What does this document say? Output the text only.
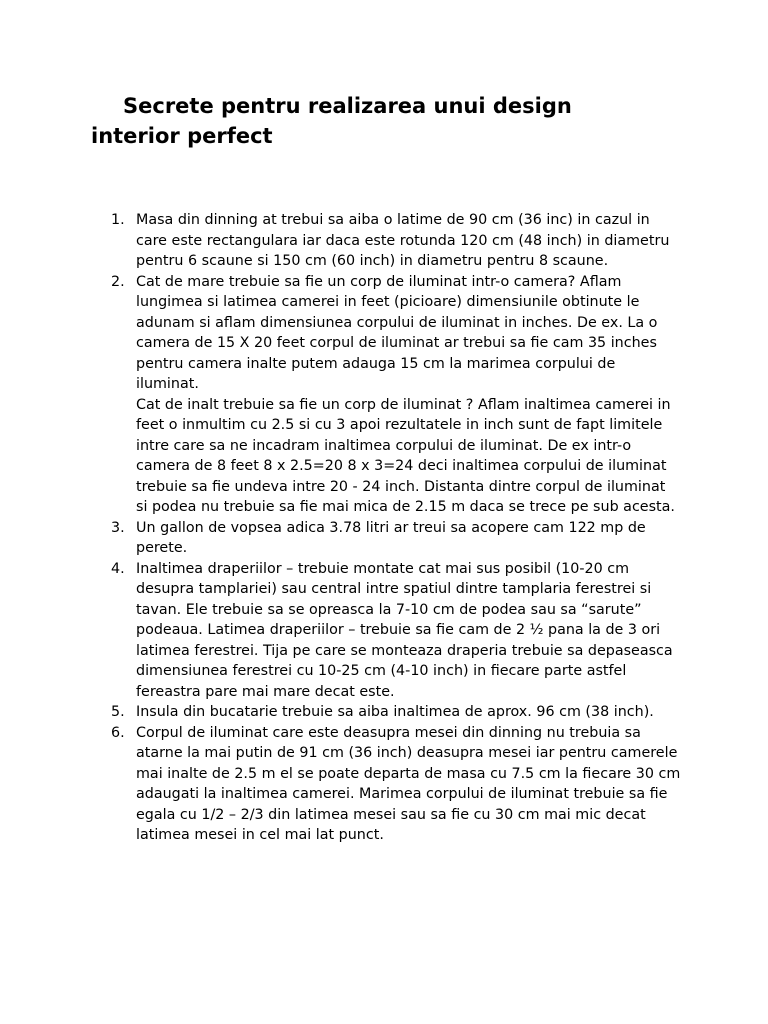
Secrete pentru realizarea unui design interior perfect
1. Masa din dinning at trebui sa aiba o latime de 90 cm (36 inc) in cazul in care este rectangulara iar daca este rotunda 120 cm (48 inch) in diametru pentru 6 scaune si 150 cm (60 inch) in diametru pentru 8 scaune.

2. Cat de mare trebuie sa fie un corp de iluminat intr-o camera? Aflam lungimea si latimea camerei in feet (picioare) dimensiunile obtinute le adunam si aflam dimensiunea corpului de iluminat in inches. De ex. La o camera de 15 X 20 feet corpul de iluminat ar trebui sa fie cam 35 inches pentru camera inalte putem adauga 15 cm la marimea corpului de iluminat.

Cat de inalt trebuie sa fie un corp de iluminat ? Aflam inaltimea camerei in feet o inmultim cu 2.5 si cu 3 apoi rezultatele in inch sunt de fapt limitele intre care sa ne incadram inaltimea corpului de iluminat. De ex intr-o camera de 8 feet 8 x 2.5=20 8 x 3=24 deci inaltimea corpului de iluminat trebuie sa fie undeva intre 20 - 24 inch. Distanta dintre corpul de iluminat si podea nu trebuie sa fie mai mica de 2.15 m daca se trece pe sub acesta.

3. Un gallon de vopsea adica 3.78 litri ar treui sa acopere cam 122 mp de perete.

4. Inaltimea draperiilor – trebuie montate cat mai sus posibil (10-20 cm desupra tamplariei) sau central intre spatiul dintre tamplaria ferestrei si tavan. Ele trebuie sa se opreasca la 7-10 cm de podea sau sa “sarute” podeaua. Latimea draperiilor – trebuie sa fie cam de 2 ½ pana la de 3 ori latimea ferestrei. Tija pe care se monteaza draperia trebuie sa depaseasca dimensiunea ferestrei cu 10-25 cm (4-10 inch) in fiecare parte astfel fereastra pare mai mare decat este.

5. Insula din bucatarie trebuie sa aiba inaltimea de aprox. 96 cm (38 inch).

6. Corpul de iluminat care este deasupra mesei din dinning nu trebuia sa atarne la mai putin de 91 cm (36 inch) deasupra mesei iar pentru camerele mai inalte de 2.5 m el se poate departa de masa cu 7.5 cm la fiecare 30 cm adaugati la inaltimea camerei. Marimea corpului de iluminat trebuie sa fie egala cu 1/2 – 2/3 din latimea mesei sau sa fie cu 30 cm mai mic decat latimea mesei in cel mai lat punct.
